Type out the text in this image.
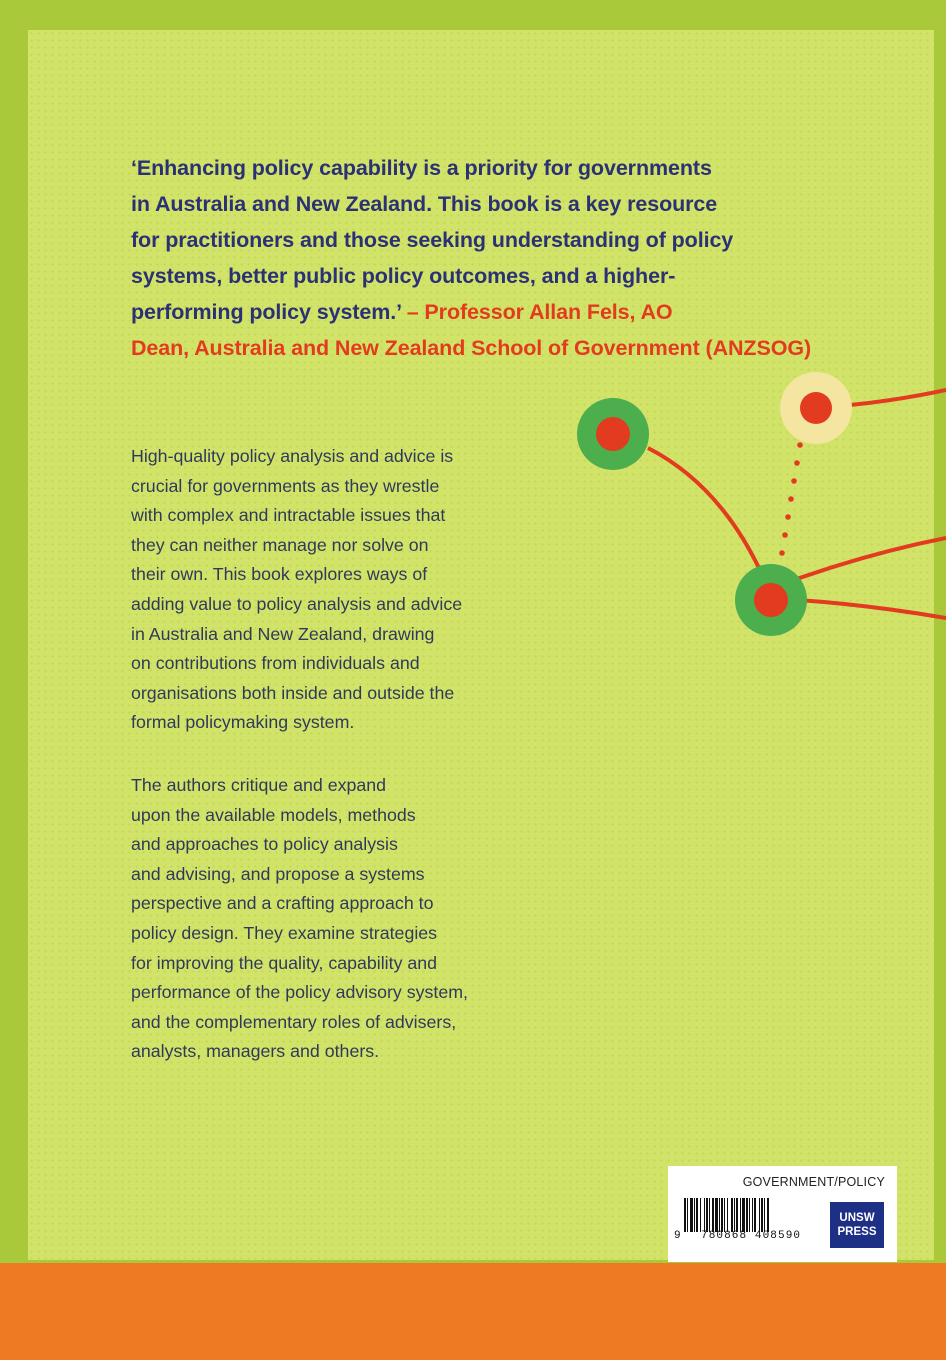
‘Enhancing policy capability is a priority for governments
in Australia and New Zealand. This book is a key resource
for practitioners and those seeking understanding of policy
systems, better public policy outcomes, and a higher-
performing policy system.’ – Professor Allan Fels, AO
Dean, Australia and New Zealand School of Government (ANZSOG)

High-quality policy analysis and advice is
crucial for governments as they wrestle
with complex and intractable issues that
they can neither manage nor solve on
their own. This book explores ways of
adding value to policy analysis and advice
in Australia and New Zealand, drawing
on contributions from individuals and
organisations both inside and outside the
formal policymaking system.

The authors critique and expand
upon the available models, methods
and approaches to policy analysis
and advising, and propose a systems
perspective and a crafting approach to
policy design. They examine strategies
for improving the quality, capability and
performance of the policy advisory system,
and the complementary roles of advisers,
analysts, managers and others.

GOVERNMENT/POLICY
9 780868 408590
UNSW
PRESS
